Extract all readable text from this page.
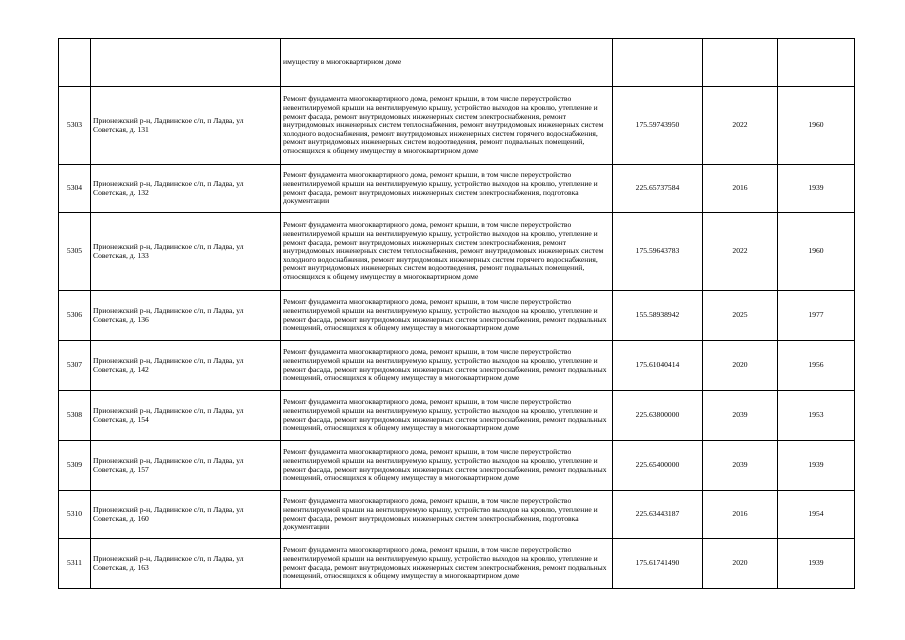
		имуществу в многоквартирном доме			
5303	Прионежский р-н, Ладвинское с/п, п Ладва, ул Советская, д. 131	Ремонт фундамента многоквартирного дома, ремонт крыши, в том числе переустройство невентилируемой крыши на вентилируемую крышу, устройство выходов на кровлю, утепление и ремонт фасада, ремонт внутридомовых инженерных систем электроснабжения, ремонт внутридомовых инженерных систем теплоснабжения, ремонт внутридомовых инженерных систем холодного водоснабжения, ремонт внутридомовых инженерных систем горячего водоснабжения, ремонт внутридомовых инженерных систем водоотведения, ремонт подвальных помещений, относящихся к общему имуществу в многоквартирном доме	175.59743950	2022	1960
5304	Прионежский р-н, Ладвинское с/п, п Ладва, ул Советская, д. 132	Ремонт фундамента многоквартирного дома, ремонт крыши, в том числе переустройство невентилируемой крыши на вентилируемую крышу, устройство выходов на кровлю, утепление и ремонт фасада, ремонт внутридомовых инженерных систем электроснабжения, подготовка документации	225.65737584	2016	1939
5305	Прионежский р-н, Ладвинское с/п, п Ладва, ул Советская, д. 133	Ремонт фундамента многоквартирного дома, ремонт крыши, в том числе переустройство невентилируемой крыши на вентилируемую крышу, устройство выходов на кровлю, утепление и ремонт фасада, ремонт внутридомовых инженерных систем электроснабжения, ремонт внутридомовых инженерных систем теплоснабжения, ремонт внутридомовых инженерных систем холодного водоснабжения, ремонт внутридомовых инженерных систем горячего водоснабжения, ремонт внутридомовых инженерных систем водоотведения, ремонт подвальных помещений, относящихся к общему имуществу в многоквартирном доме	175.59643783	2022	1960
5306	Прионежский р-н, Ладвинское с/п, п Ладва, ул Советская, д. 136	Ремонт фундамента многоквартирного дома, ремонт крыши, в том числе переустройство невентилируемой крыши на вентилируемую крышу, устройство выходов на кровлю, утепление и ремонт фасада, ремонт внутридомовых инженерных систем электроснабжения, ремонт подвальных помещений, относящихся к общему имуществу в многоквартирном доме	155.58938942	2025	1977
5307	Прионежский р-н, Ладвинское с/п, п Ладва, ул Советская, д. 142	Ремонт фундамента многоквартирного дома, ремонт крыши, в том числе переустройство невентилируемой крыши на вентилируемую крышу, устройство выходов на кровлю, утепление и ремонт фасада, ремонт внутридомовых инженерных систем электроснабжения, ремонт подвальных помещений, относящихся к общему имуществу в многоквартирном доме	175.61040414	2020	1956
5308	Прионежский р-н, Ладвинское с/п, п Ладва, ул Советская, д. 154	Ремонт фундамента многоквартирного дома, ремонт крыши, в том числе переустройство невентилируемой крыши на вентилируемую крышу, устройство выходов на кровлю, утепление и ремонт фасада, ремонт внутридомовых инженерных систем электроснабжения, ремонт подвальных помещений, относящихся к общему имуществу в многоквартирном доме	225.63800000	2039	1953
5309	Прионежский р-н, Ладвинское с/п, п Ладва, ул Советская, д. 157	Ремонт фундамента многоквартирного дома, ремонт крыши, в том числе переустройство невентилируемой крыши на вентилируемую крышу, устройство выходов на кровлю, утепление и ремонт фасада, ремонт внутридомовых инженерных систем электроснабжения, ремонт подвальных помещений, относящихся к общему имуществу в многоквартирном доме	225.65400000	2039	1939
5310	Прионежский р-н, Ладвинское с/п, п Ладва, ул Советская, д. 160	Ремонт фундамента многоквартирного дома, ремонт крыши, в том числе переустройство невентилируемой крыши на вентилируемую крышу, устройство выходов на кровлю, утепление и ремонт фасада, ремонт внутридомовых инженерных систем электроснабжения, подготовка документации	225.63443187	2016	1954
5311	Прионежский р-н, Ладвинское с/п, п Ладва, ул Советская, д. 163	Ремонт фундамента многоквартирного дома, ремонт крыши, в том числе переустройство невентилируемой крыши на вентилируемую крышу, устройство выходов на кровлю, утепление и ремонт фасада, ремонт внутридомовых инженерных систем электроснабжения, ремонт подвальных помещений, относящихся к общему имуществу в многоквартирном доме	175.61741490	2020	1939
